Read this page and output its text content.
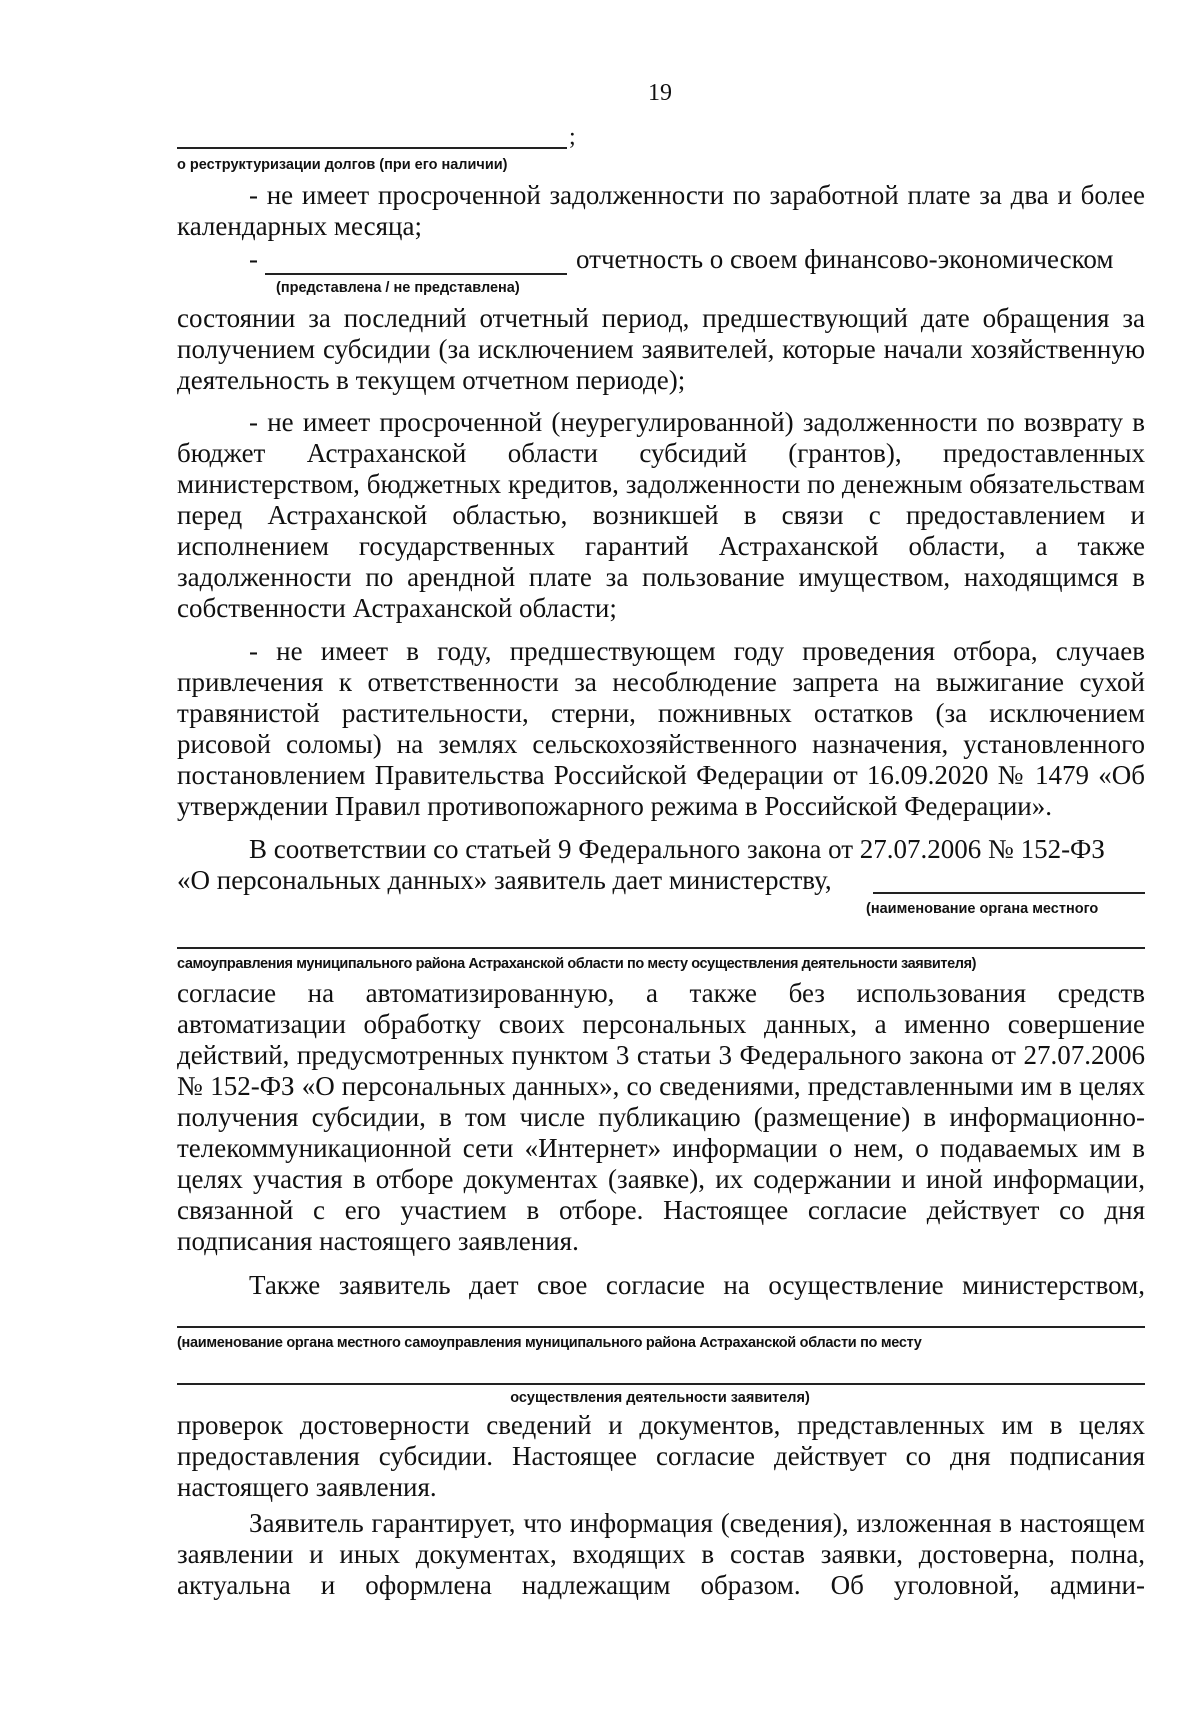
19
;
о реструктуризации долгов (при его наличии)

- не имеет просроченной задолженности по заработной плате за два и более календарных месяца;

-	отчетность о своем финансово-экономическом
(представлена / не представлена)

состоянии за последний отчетный период, предшествующий дате обращения за получением субсидии (за исключением заявителей, которые начали хозяйственную деятельность в текущем отчетном периоде);

- не имеет просроченной (неурегулированной) задолженности по возврату в бюджет Астраханской области субсидий (грантов), предоставленных министерством, бюджетных кредитов, задолженности по денежным обязательствам перед Астраханской областью, возникшей в связи с предоставлением и исполнением государственных гарантий Астраханской области, а также задолженности по арендной плате за пользование имуществом, находящимся в собственности Астраханской области;

- не имеет в году, предшествующем году проведения отбора, случаев привлечения к ответственности за несоблюдение запрета на выжигание сухой травянистой растительности, стерни, пожнивных остатков (за исключением рисовой соломы) на землях сельскохозяйственного назначения, установленного постановлением Правительства Российской Федерации от 16.09.2020 № 1479 «Об утверждении Правил противопожарного режима в Российской Федерации».

В соответствии со статьей 9 Федерального закона от 27.07.2006 № 152-ФЗ
«О персональных данных» заявитель дает министерству,
(наименование органа местного
самоуправления муниципального района Астраханской области по месту осуществления деятельности заявителя)

согласие на автоматизированную, а также без использования средств автоматизации обработку своих персональных данных, а именно совершение действий, предусмотренных пунктом 3 статьи 3 Федерального закона от 27.07.2006 № 152-ФЗ «О персональных данных», со сведениями, представленными им в целях получения субсидии, в том числе публикацию (размещение) в информационно-телекоммуникационной сети «Интернет» информации о нем, о подаваемых им в целях участия в отборе документах (заявке), их содержании и иной информации, связанной с его участием в отборе. Настоящее согласие действует со дня подписания настоящего заявления.

Также заявитель дает свое согласие на осуществление министерством,

(наименование органа местного самоуправления муниципального района Астраханской области по месту
осуществления деятельности заявителя)

проверок достоверности сведений и документов, представленных им в целях предоставления субсидии. Настоящее согласие действует со дня подписания настоящего заявления.

Заявитель гарантирует, что информация (сведения), изложенная в настоящем заявлении и иных документах, входящих в состав заявки, достоверна, полна, актуальна и оформлена надлежащим образом. Об уголовной, админи-
